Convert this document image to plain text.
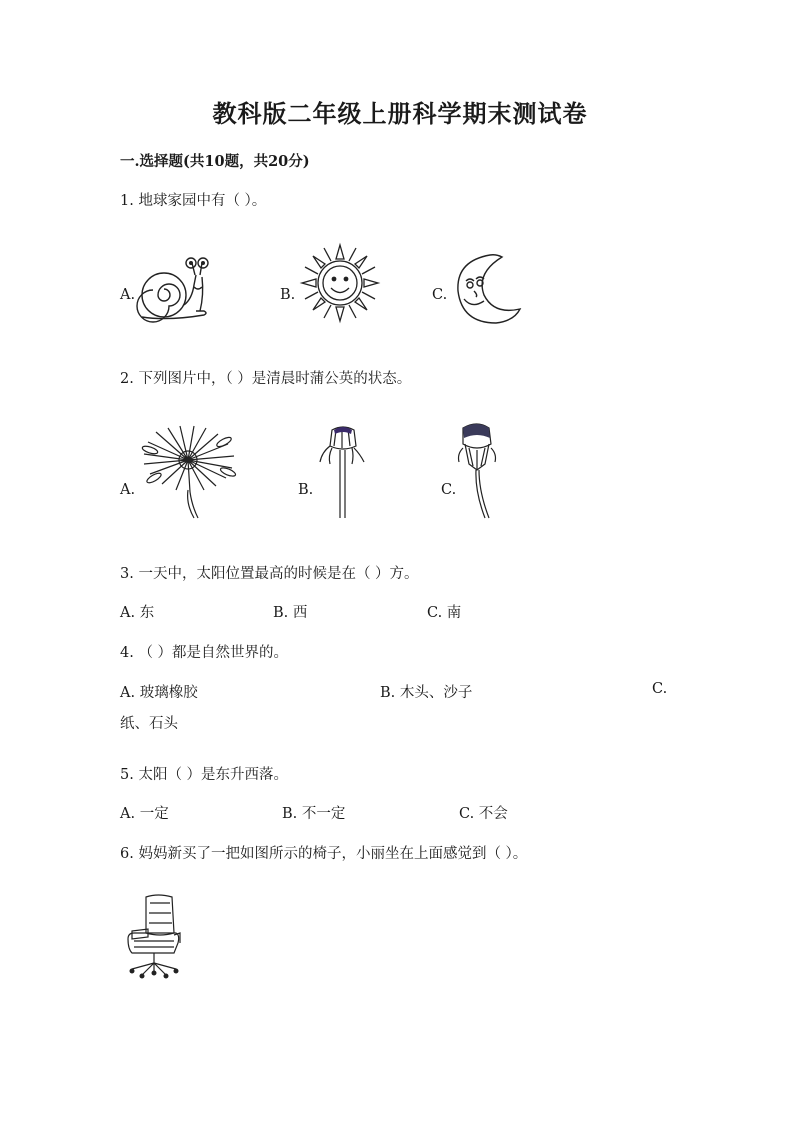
教科版二年级上册科学期末测试卷
一.选择题(共10题，共20分)
1. 地球家园中有（ ）。
A.	B.	C.
2. 下列图片中，（ ）是清晨时蒲公英的状态。
A.	B.	C.
3. 一天中，太阳位置最高的时候是在（ ）方。
A. 东	B. 西	C. 南
4. （ ）都是自然世界的。
A. 玻璃橡胶	B. 木头、沙子	C.
纸、石头
5. 太阳（ ）是东升西落。
A. 一定	B. 不一定	C. 不会
6. 妈妈新买了一把如图所示的椅子，小丽坐在上面感觉到（ ）。
